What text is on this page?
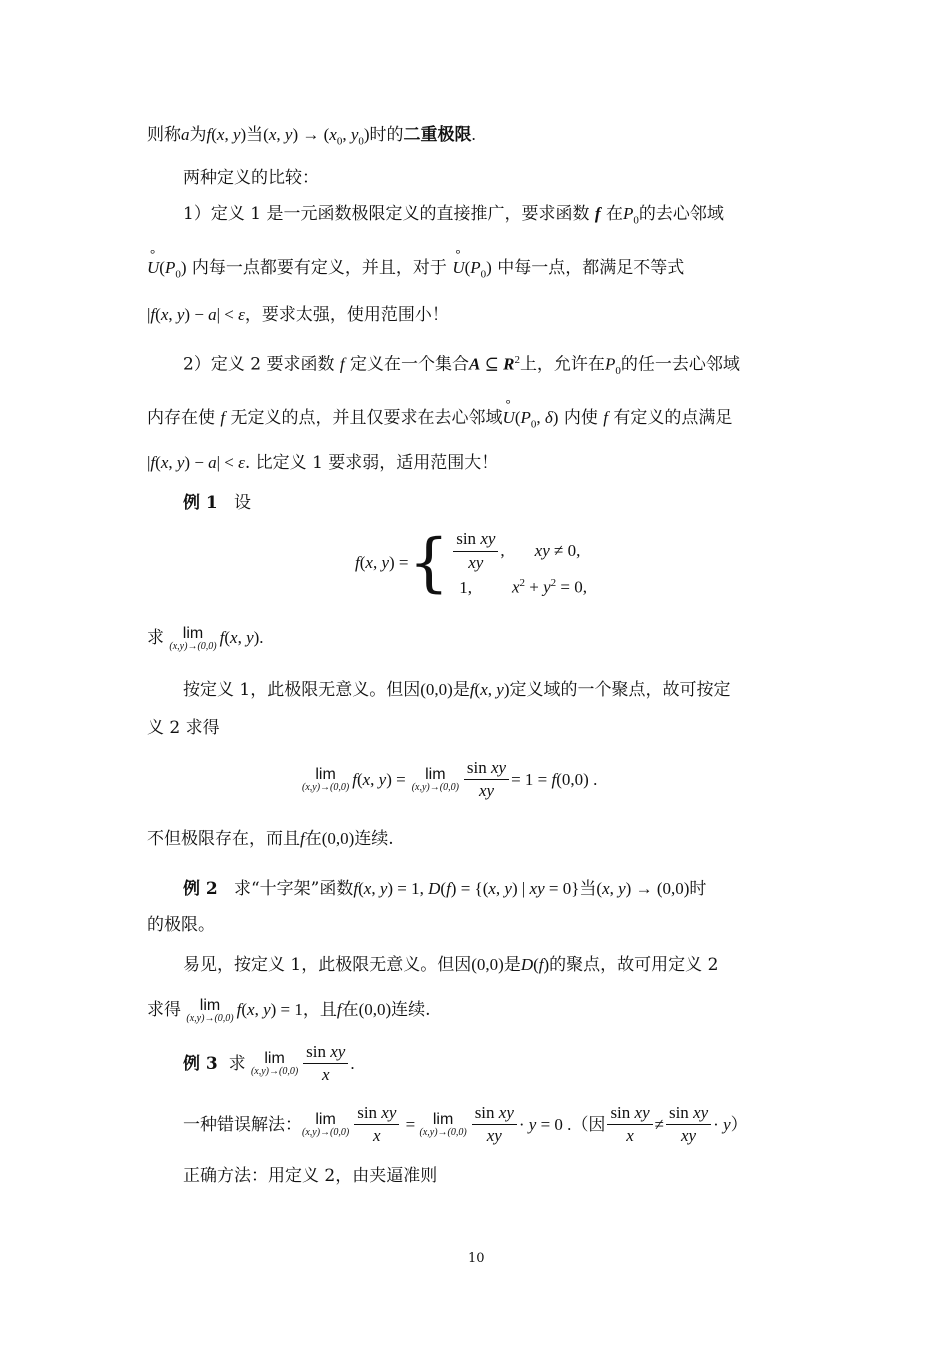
则称a为f(x, y)当(x, $y) \to (x_0$, $y_0$)时的二重极限.
两种定义的比较：
1）定义 1 是一元函数极限定义的直接推广，要求函数 f 在$P_0$的去心邻域
° $U(P_0)$ 内每一点都要有定义，并且，对于 ° $U(P_0)$ 中每一点，都满足不等式
|f(x, y) − a| < ε，要求太强，使用范围小！
2）定义 2 要求函数 f 定义在一个集合A ⊆ $R^2$上，允许在$P_0$的任一去心邻域
内存在使 f 无定义的点，并且仅要求在去心邻域° $U(P_0$, δ) 内使 f 有定义的点满足
|f(x, y) − a| < ε. 比定义 1 要求弱，适用范围大！
例 1 设
f(x, y) = { $\frac{\text{sin xy}}{xy}$ , xy ≠ 0,
1, $x^2 + y^2 = 0$,
求	lim
(x,y)→(0,0) f(x, y).
按定义 1，此极限无意义。但因(0,0)是f(x, y)定义域的一个聚点，故可按定
义 2 求得
lim
(x,y)→(0,0) f(x, y) =	lim
$(x,y)\to(0,0) \frac{\text{sin xy}}{xy} = 1 = f(0,0)$ .
不但极限存在，而且f在(0,0)连续.
例 2 求“十字架”函数f(x, y) = 1, D(f) = {(x, y) | xy = 0}当(x, y) → (0,0)时
的极限。
易见，按定义 1，此极限无意义。但因(0,0)是D(f)的聚点，故可用定义 2
求得	lim
(x,y)→(0,0) f(x, y) = 1，且f在(0,0)连续.
例 3
求
	lim
$(x,y)\to(0,0) \frac{\text{sin xy}}{x}$ .
一种错误解法： lim
$(x,y)\to(0,0) \frac{\text{sin xy}}{x} = \lim$
$(x,y)\to(0,0) \frac{\text{sin xy}}{xy} \cdot y = 0$ . （因 $\frac{\text{sin xy}}{x} \ne \frac{\text{sin xy}}{xy} \cdot y$ ）
正确方法：用定义 2，由夹逼准则
10
